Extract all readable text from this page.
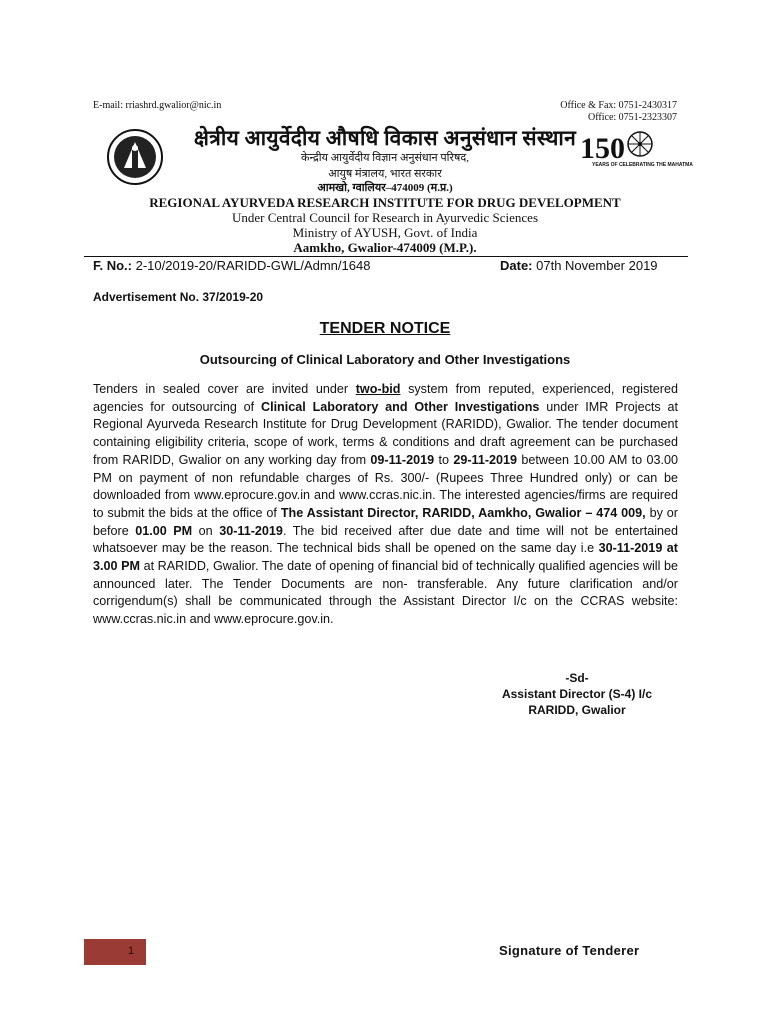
E-mail: rriashrd.gwalior@nic.in	Office & Fax: 0751-2430317
Office: 0751-2323307
150
YEARS OF CELEBRATING THE MAHATMA
क्षेत्रीय आयुर्वेदीय औषधि विकास अनुसंधान संस्थान
केन्द्रीय आयुर्वेदीय विज्ञान अनुसंधान परिषद,
आयुष मंत्रालय, भारत सरकार
आमखो, ग्वालियर–474009 (म.प्र.)
REGIONAL AYURVEDA RESEARCH INSTITUTE FOR DRUG DEVELOPMENT
Under Central Council for Research in Ayurvedic Sciences
Ministry of AYUSH, Govt. of India
Aamkho, Gwalior-474009 (M.P.).
F. No.: 2-10/2019-20/RARIDD-GWL/Admn/1648	Date: 07th November 2019
Advertisement No. 37/2019-20
TENDER NOTICE
Outsourcing of Clinical Laboratory and Other Investigations
Tenders in sealed cover are invited under two-bid system from reputed, experienced, registered agencies for outsourcing of Clinical Laboratory and Other Investigations under IMR Projects at Regional Ayurveda Research Institute for Drug Development (RARIDD), Gwalior. The tender document containing eligibility criteria, scope of work, terms & conditions and draft agreement can be purchased from RARIDD, Gwalior on any working day from 09-11-2019 to 29-11-2019 between 10.00 AM to 03.00 PM on payment of non refundable charges of Rs. 300/- (Rupees Three Hundred only) or can be downloaded from www.eprocure.gov.in and www.ccras.nic.in. The interested agencies/firms are required to submit the bids at the office of The Assistant Director, RARIDD, Aamkho, Gwalior – 474 009, by or before 01.00 PM on 30-11-2019. The bid received after due date and time will not be entertained whatsoever may be the reason. The technical bids shall be opened on the same day i.e 30-11-2019 at 3.00 PM at RARIDD, Gwalior. The date of opening of financial bid of technically qualified agencies will be announced later. The Tender Documents are non- transferable. Any future clarification and/or corrigendum(s) shall be communicated through the Assistant Director I/c on the CCRAS website: www.ccras.nic.in and www.eprocure.gov.in.
-Sd-
Assistant Director (S-4) I/c
RARIDD, Gwalior
1	Signature of Tenderer
